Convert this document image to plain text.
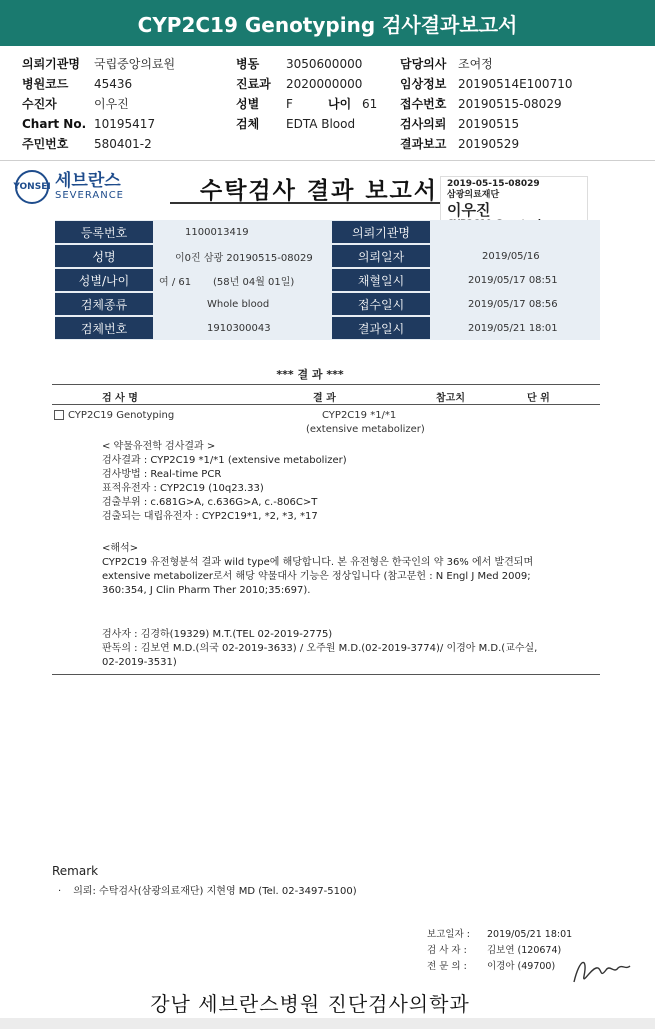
CYP2C19 Genotyping 검사결과보고서
의뢰기관명 국립중앙의료원
병원코드 45436
수진자	이우진
Chart No. 10195417
주민번호 580401-2
병동 3050600000
진료과 2020000000
성별 F	나이 61
검체 EDTA Blood
담당의사 조여정
임상정보 20190514E100710
접수번호 20190515-08029
검사의뢰 20190515
결과보고 20190529
YONSEI 세브란스
SEVERANCE	수탁검사 결과 보고서 2019-05-15-08029
삼광의료재단
이우진
등록번호	1100013419	의뢰기관명
성명	이0진 삼광 20190515-08029	의뢰일자	2019/05/16
성별/나이	여 / 61 (58년 04월 01일)	채혈일시	2019/05/17 08:51
검체종류	Whole blood	접수일시	2019/05/17 08:56
검체번호	1910300043	결과일시	2019/05/21 18:01
*** 결 과 ***
검 사 명	결 과	참고치	단 위
CYP2C19 Genotyping	CYP2C19 *1/*1
(extensive metabolizer)
< 약물유전학 검사결과 >
검사결과 : CYP2C19 *1/*1 (extensive metabolizer)
검사방법 : Real-time PCR
표적유전자 : CYP2C19 (10q23.33)
검출부위 : c.681G>A, c.636G>A, c.-806C>T
검출되는 대립유전자 : CYP2C19*1, *2, *3, *17
<해석>
CYP2C19 유전형분석 결과 wild type에 해당합니다. 본 유전형은 한국인의 약 36% 에서 발견되며
extensive metabolizer로서 해당 약물대사 기능은 정상입니다 (참고문헌 : N Engl J Med 2009;
360:354, J Clin Pharm Ther 2010;35:697).
검사자 : 김경하(19329) M.T.(TEL 02-2019-2775)
판독의 : 김보연 M.D.(의국 02-2019-3633) / 오주원 M.D.(02-2019-3774)/ 이경아 M.D.(교수실,
02-2019-3531)
Remark
· 의뢰: 수탁검사(삼광의료재단) 지현영 MD (Tel. 02-3497-5100)
보고일자 : 2019/05/21 18:01
검 사 자 : 김보연 (120674)
전 문 의 : 이경아 (49700)
강남 세브란스병원 진단검사의학과
